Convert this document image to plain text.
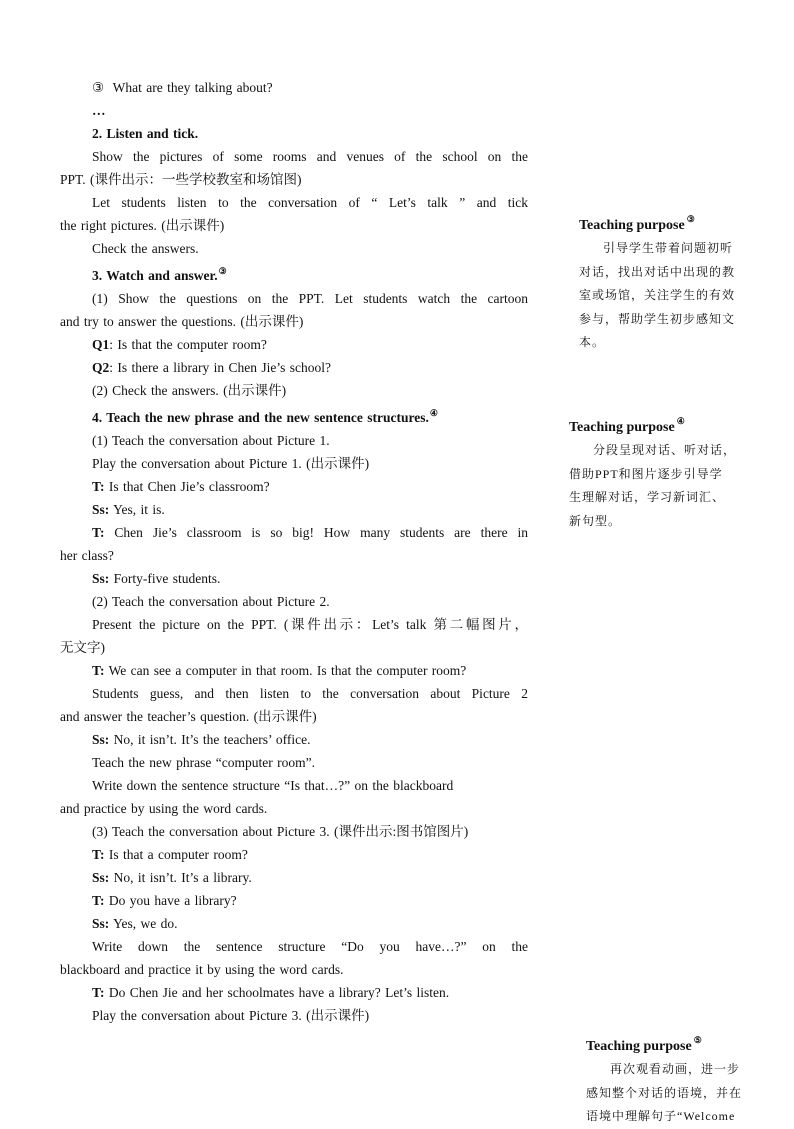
③ What are they talking about?

…

2. Listen and tick.

Show the pictures of some rooms and venues of the school on the

PPT. (课件出示：一些学校教室和场馆图)

Let students listen to the conversation of “ Let’s talk ” and tick

the right pictures. (出示课件)

Check the answers.

3. Watch and answer.③

(1) Show the questions on the PPT. Let students watch the cartoon

and try to answer the questions. (出示课件)

Q1: Is that the computer room?

Q2: Is there a library in Chen Jie’s school?

(2) Check the answers. (出示课件)

4. Teach the new phrase and the new sentence structures.④

(1) Teach the conversation about Picture 1.

Play the conversation about Picture 1. (出示课件)

T: Is that Chen Jie’s classroom?

Ss: Yes, it is.

T: Chen Jie’s classroom is so big! How many students are there in

her class?

Ss: Forty-five students.

(2) Teach the conversation about Picture 2.

Present the picture on the PPT. (课件出示：Let’s talk 第二幅图片，

无文字)

T: We can see a computer in that room. Is that the computer room?

Students guess, and then listen to the conversation about Picture 2

and answer the teacher’s question. (出示课件)

Ss: No, it isn’t. It’s the teachers’ office.

Teach the new phrase “computer room”.

Write down the sentence structure “Is that…?” on the blackboard

and practice by using the word cards.

(3) Teach the conversation about Picture 3. (课件出示:图书馆图片)

T: Is that a computer room?

Ss: No, it isn’t. It’s a library.

T: Do you have a library?

Ss: Yes, we do.

Write down the sentence structure “Do you have…?” on the

blackboard and practice it by using the word cards.

T: Do Chen Jie and her schoolmates have a library? Let’s listen.

Play the conversation about Picture 3. (出示课件)

Teaching purpose ③

引导学生带着问题初听
对话，找出对话中出现的教
室或场馆，关注学生的有效
参与，帮助学生初步感知文
本。

Teaching purpose ④

分段呈现对话、听对话，
借助PPT和图片逐步引导学
生理解对话，学习新词汇、
新句型。

Teaching purpose ⑤

再次观看动画，进一步
感知整个对话的语境，并在
语境中理解句子“Welcome
